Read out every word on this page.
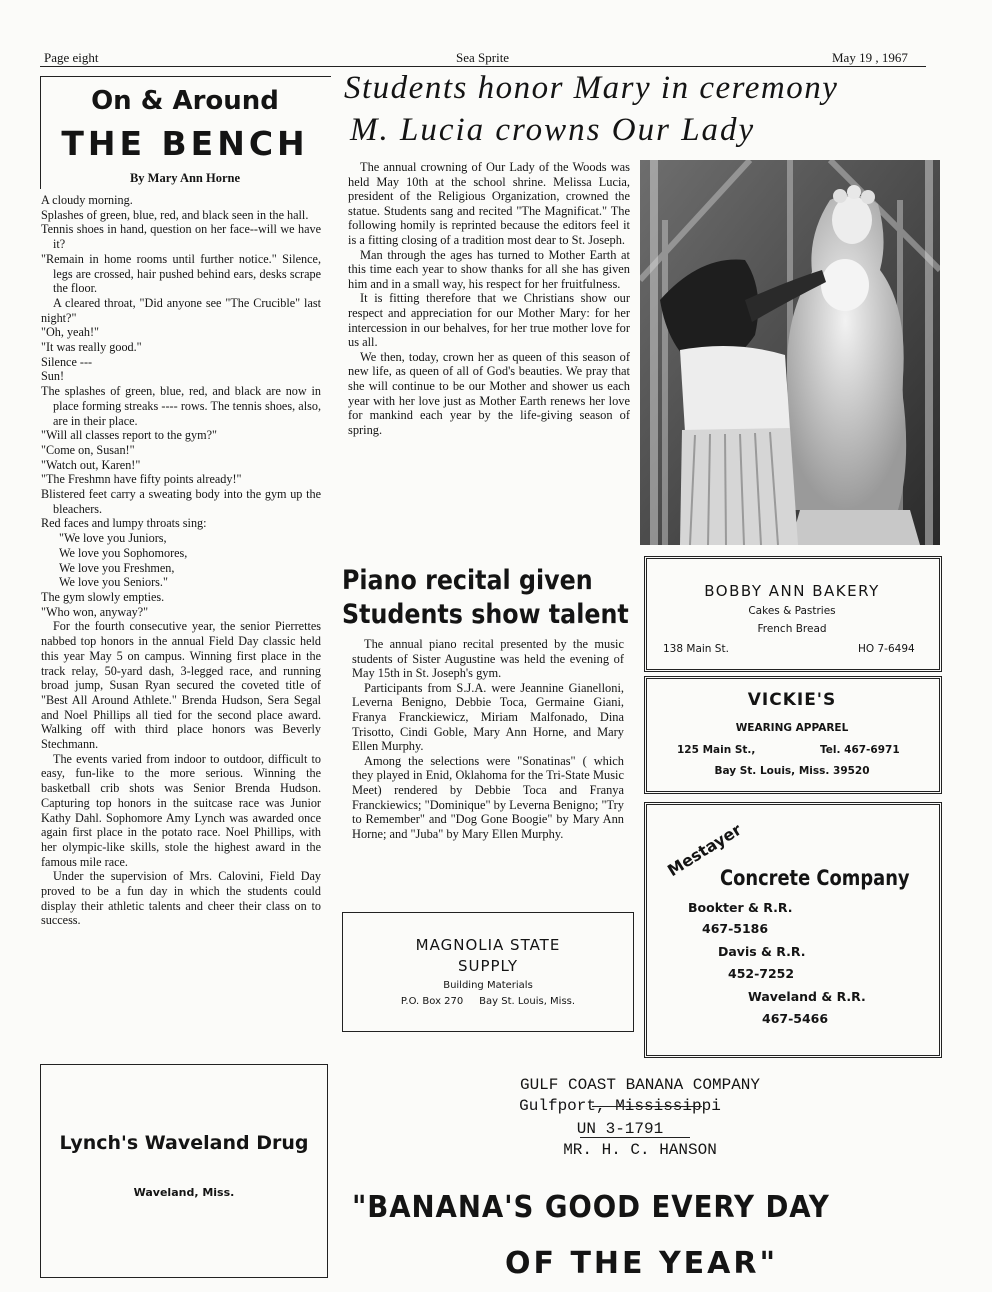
Page eight	Sea Sprite	May 19 , 1967
On & Around
THE BENCH
By Mary Ann Horne

A cloudy morning.

Splashes of green, blue, red, and black seen in the hall.

Tennis shoes in hand, question on her face--will we have it?

"Remain in home rooms until further notice." Silence, legs are crossed, hair pushed behind ears, desks scrape the floor.

A cleared throat, "Did anyone see "The Crucible" last night?"

"Oh, yeah!"

"It was really good."

Silence ---

Sun!

The splashes of green, blue, red, and black are now in place forming streaks ---- rows. The tennis shoes, also, are in their place.

"Will all classes report to the gym?"

"Come on, Susan!"

"Watch out, Karen!"

"The Freshmn have fifty points already!"

Blistered feet carry a sweating body into the gym up the bleachers.

Red faces and lumpy throats sing:

"We love you Juniors,

We love you Sophomores,

We love you Freshmen,

We love you Seniors."

The gym slowly empties.

"Who won, anyway?"

For the fourth consecutive year, the senior Pierrettes nabbed top honors in the annual Field Day classic held this year May 5 on campus. Winning first place in the track relay, 50-yard dash, 3-legged race, and running broad jump, Susan Ryan secured the coveted title of "Best All Around Athlete." Brenda Hudson, Sera Segal and Noel Phillips all tied for the second place award. Walking off with third place honors was Beverly Stechmann.

The events varied from indoor to outdoor, difficult to easy, fun-like to the more serious. Winning the basketball crib shots was Senior Brenda Hudson. Capturing top honors in the suitcase race was Junior Kathy Dahl. Sophomore Amy Lynch was awarded once again first place in the potato race. Noel Phillips, with her olympic-like skills, stole the highest award in the famous mile race.

Under the supervision of Mrs. Calovini, Field Day proved to be a fun day in which the students could display their athletic talents and cheer their class on to success.

Students honor Mary in ceremony
M. Lucia crowns Our Lady

The annual crowning of Our Lady of the Woods was held May 10th at the school shrine. Melissa Lucia, president of the Religious Organization, crowned the statue. Students sang and recited "The Magnificat." The following homily is reprinted because the editors feel it is a fitting closing of a tradition most dear to St. Joseph.

Man through the ages has turned to Mother Earth at this time each year to show thanks for all she has given him and in a small way, his respect for her fruitfulness.

It is fitting therefore that we Christians show our respect and appreciation for our Mother Mary: for her intercession in our behalves, for her true mother love for us all.

We then, today, crown her as queen of this season of new life, as queen of all of God's beauties. We pray that she will continue to be our Mother and shower us each year with her love just as Mother Earth renews her love for mankind each year by the life-giving season of spring.

Piano recital given
Students show talent

The annual piano recital presented by the music students of Sister Augustine was held the evening of May 15th in St. Joseph's gym.

Participants from S.J.A. were Jeannine Gianelloni, Leverna Benigno, Debbie Toca, Germaine Giani, Franya Franckiewicz, Miriam Malfonado, Dina Trisotto, Cindi Goble, Mary Ann Horne, and Mary Ellen Murphy.

Among the selections were "Sonatinas" ( which they played in Enid, Oklahoma for the Tri-State Music Meet) rendered by Debbie Toca and Franya Franckiewics; "Dominique" by Leverna Benigno; "Try to Remember" and "Dog Gone Boogie" by Mary Ann Horne; and "Juba" by Mary Ellen Murphy.

BOBBY ANN BAKERY
Cakes & Pastries
French Bread
138 Main St.	HO 7-6494
VICKIE'S
WEARING APPAREL
125 Main St.,	Tel. 467-6971
Bay St. Louis, Miss. 39520
Mestayer
Concrete Company
Bookter & R.R.
467-5186
Davis & R.R.
452-7252
Waveland & R.R.
467-5466
MAGNOLIA STATE
SUPPLY
Building Materials
P.O. Box 270     Bay St. Louis, Miss.
Lynch's Waveland Drug
Waveland, Miss.
GULF COAST BANANA COMPANY
Gulfport, Mississippi
UN 3-1791
MR. H. C. HANSON
"BANANA'S GOOD EVERY DAY
OF THE YEAR"
